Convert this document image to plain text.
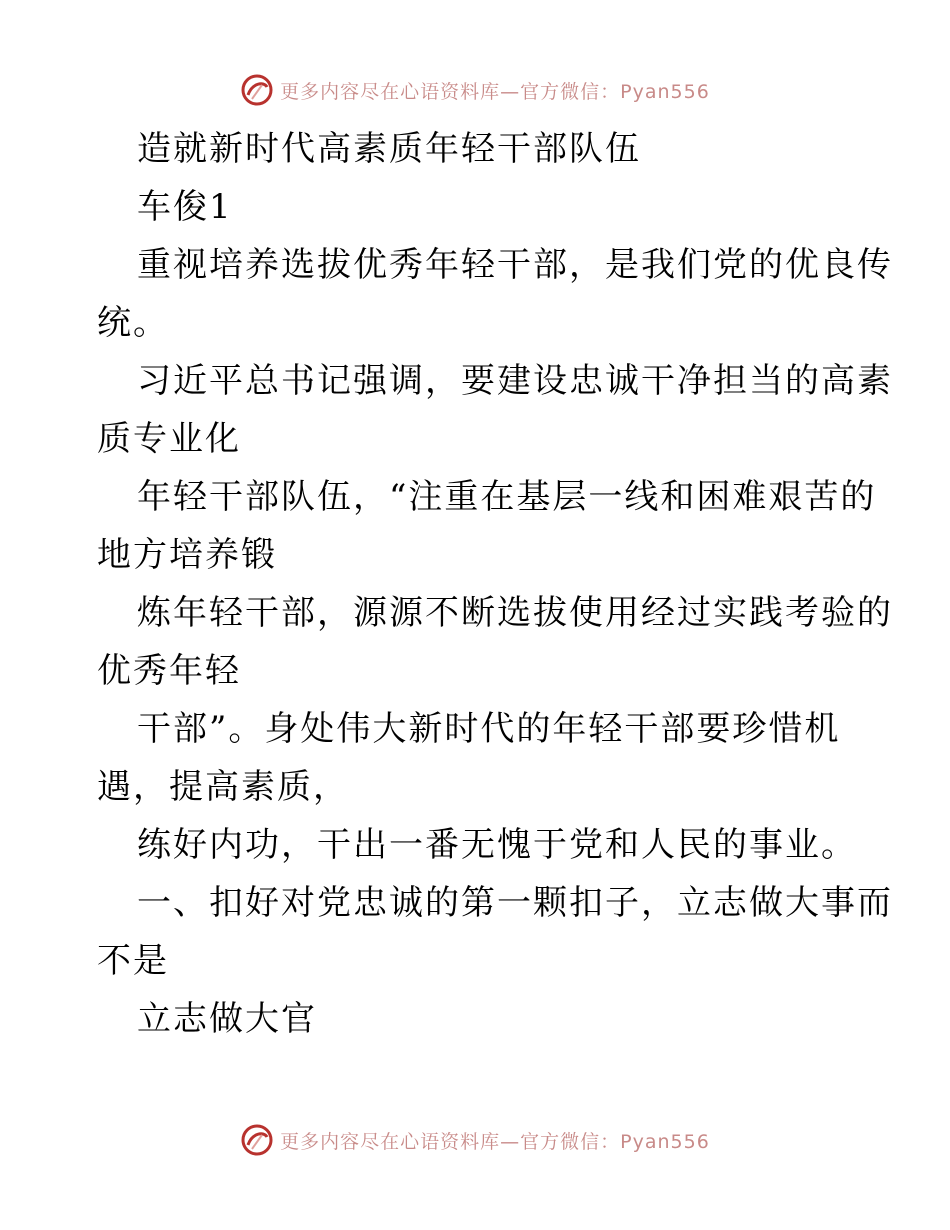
更多内容尽在心语资料库—官方微信：Pyan556
造就新时代高素质年轻干部队伍
车俊1
重视培养选拔优秀年轻干部，是我们党的优良传
统。
习近平总书记强调，要建设忠诚干净担当的高素
质专业化
年轻干部队伍，“注重在基层一线和困难艰苦的
地方培养锻
炼年轻干部，源源不断选拔使用经过实践考验的
优秀年轻
干部”。身处伟大新时代的年轻干部要珍惜机
遇，提高素质，
练好内功，干出一番无愧于党和人民的事业。
一、扣好对党忠诚的第一颗扣子，立志做大事而
不是
立志做大官
更多内容尽在心语资料库—官方微信：Pyan556
